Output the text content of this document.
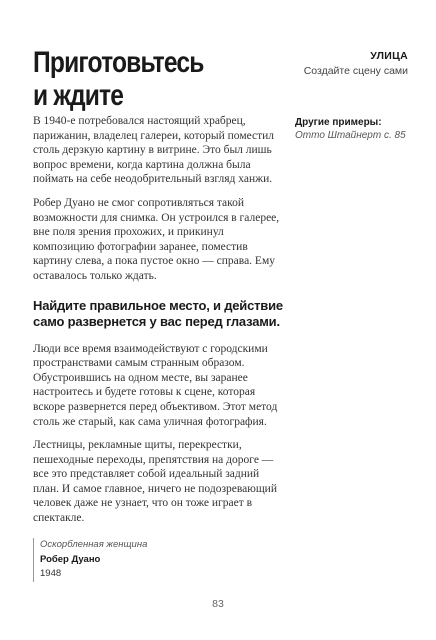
Приготовьтесь
и ждите
УЛИЦА
Создайте сцену сами
Другие примеры:
Отто Штайнерт с. 85

В 1940-е потребовался настоящий храбрец, парижанин, владелец галереи, который поместил столь дерзкую картину в витрине. Это был лишь вопрос времени, когда картина должна была поймать на себе неодобрительный взгляд ханжи.

Робер Дуано не смог сопротивляться такой возможности для снимка. Он устроился в галерее, вне поля зрения прохожих, и прикинул композицию фотографии заранее, поместив картину слева, а пока пустое окно — справа. Ему оставалось только ждать.

Найдите правильное место, и действие само развернется у вас перед глазами.

Люди все время взаимодействуют с городскими пространствами самым странным образом. Обустроившись на одном месте, вы заранее настроитесь и будете готовы к сцене, которая вскоре развернется перед объективом. Этот метод столь же старый, как сама уличная фотография.

Лестницы, рекламные щиты, перекрестки, пешеходные переходы, препятствия на дороге — все это представляет собой идеальный задний план. И самое главное, ничего не подозревающий человек даже не узнает, что он тоже играет в спектакле.

Оскорбленная женщина
Робер Дуано
1948
83
